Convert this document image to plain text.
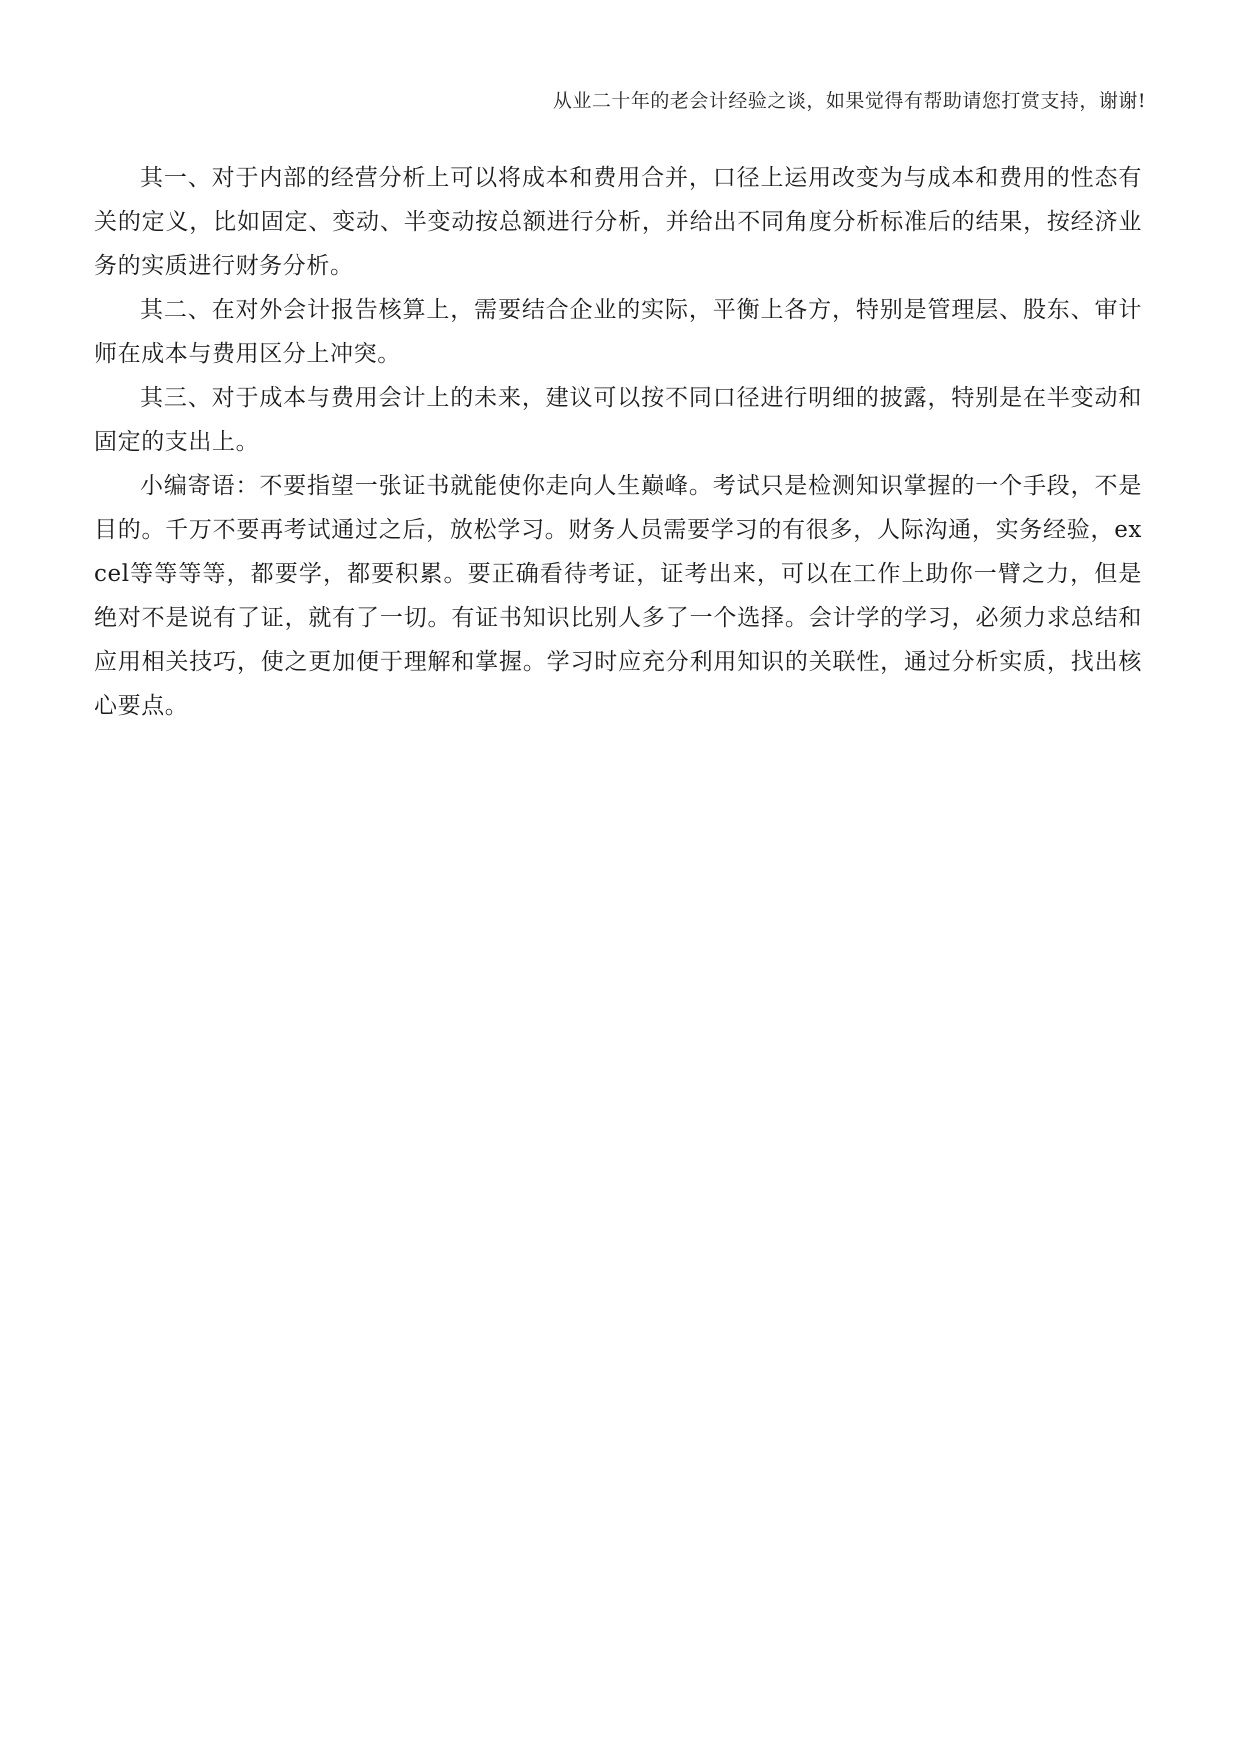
从业二十年的老会计经验之谈，如果觉得有帮助请您打赏支持，谢谢!

其一、对于内部的经营分析上可以将成本和费用合并，口径上运用改变为与成本和费用的性态有关的定义，比如固定、变动、半变动按总额进行分析，并给出不同角度分析标准后的结果，按经济业务的实质进行财务分析。

其二、在对外会计报告核算上，需要结合企业的实际，平衡上各方，特别是管理层、股东、审计师在成本与费用区分上冲突。

其三、对于成本与费用会计上的未来，建议可以按不同口径进行明细的披露，特别是在半变动和固定的支出上。

小编寄语：不要指望一张证书就能使你走向人生巅峰。考试只是检测知识掌握的一个手段，不是目的。千万不要再考试通过之后，放松学习。财务人员需要学习的有很多，人际沟通，实务经验，excel等等等等，都要学，都要积累。要正确看待考证，证考出来，可以在工作上助你一臂之力，但是绝对不是说有了证，就有了一切。有证书知识比别人多了一个选择。会计学的学习，必须力求总结和应用相关技巧，使之更加便于理解和掌握。学习时应充分利用知识的关联性，通过分析实质，找出核心要点。
